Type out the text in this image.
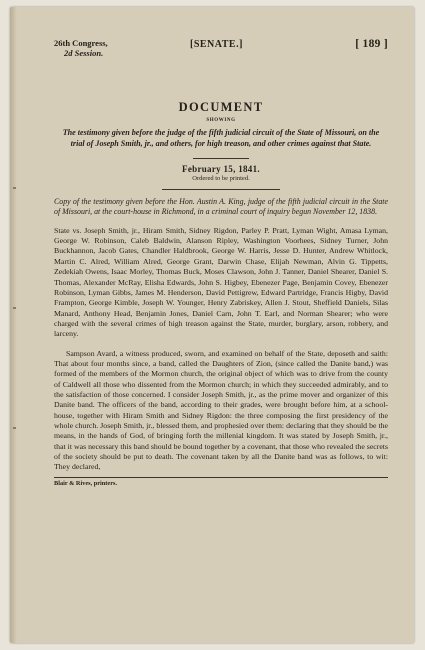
26th Congress,
2d Session.
[SENATE.]	[ 189 ]
DOCUMENT
SHOWING
The testimony given before the judge of the fifth judicial circuit of the State of Missouri, on the trial of Joseph Smith, jr., and others, for high treason, and other crimes against that State.
February 15, 1841.
Ordered to be printed.
Copy of the testimony given before the Hon. Austin A. King, judge of the fifth judicial circuit in the State of Missouri, at the court-house in Richmond, in a criminal court of inquiry begun November 12, 1838.
State vs. Joseph Smith, jr., Hiram Smith, Sidney Rigdon, Parley P. Pratt, Lyman Wight, Amasa Lyman, George W. Robinson, Caleb Baldwin, Alanson Ripley, Washington Voorhees, Sidney Turner, John Buckhannon, Jacob Gates, Chandler Haldbrook, George W. Harris, Jesse D. Hunter, Andrew Whitlock, Martin C. Alred, William Alred, George Grant, Darwin Chase, Elijah Newman, Alvin G. Tippetts, Zedekiah Owens, Isaac Morley, Thomas Buck, Moses Clawson, John J. Tanner, Daniel Shearer, Daniel S. Thomas, Alexander McRay, Elisha Edwards, John S. Higbey, Ebenezer Page, Benjamin Covey, Ebenezer Robinson, Lyman Gibbs, James M. Henderson, David Pettigrew, Edward Partridge, Francis Higby, David Frampton, George Kimble, Joseph W. Younger, Henry Zabriskey, Allen J. Stout, Sheffield Daniels, Silas Manard, Anthony Head, Benjamin Jones, Daniel Carn, John T. Earl, and Norman Shearer; who were charged with the several crimes of high treason against the State, murder, burglary, arson, robbery, and larceny.
Sampson Avard, a witness produced, sworn, and examined on behalf of the State, deposeth and saith: That about four months since, a band, called the Daughters of Zion, (since called the Danite band,) was formed of the members of the Mormon church, the original object of which was to drive from the county of Caldwell all those who dissented from the Mormon church; in which they succeeded admirably, and to the satisfaction of those concerned. I consider Joseph Smith, jr., as the prime mover and organizer of this Danite band. The officers of the band, according to their grades, were brought before him, at a school-house, together with Hiram Smith and Sidney Rigdon: the three composing the first presidency of the whole church. Joseph Smith, jr., blessed them, and prophesied over them: declaring that they should be the means, in the hands of God, of bringing forth the millenial kingdom. It was stated by Joseph Smith, jr., that it was necessary this band should be bound together by a covenant, that those who revealed the secrets of the society should be put to death. The covenant taken by all the Danite band was as follows, to wit: They declared,
Blair & Rives, printers.
